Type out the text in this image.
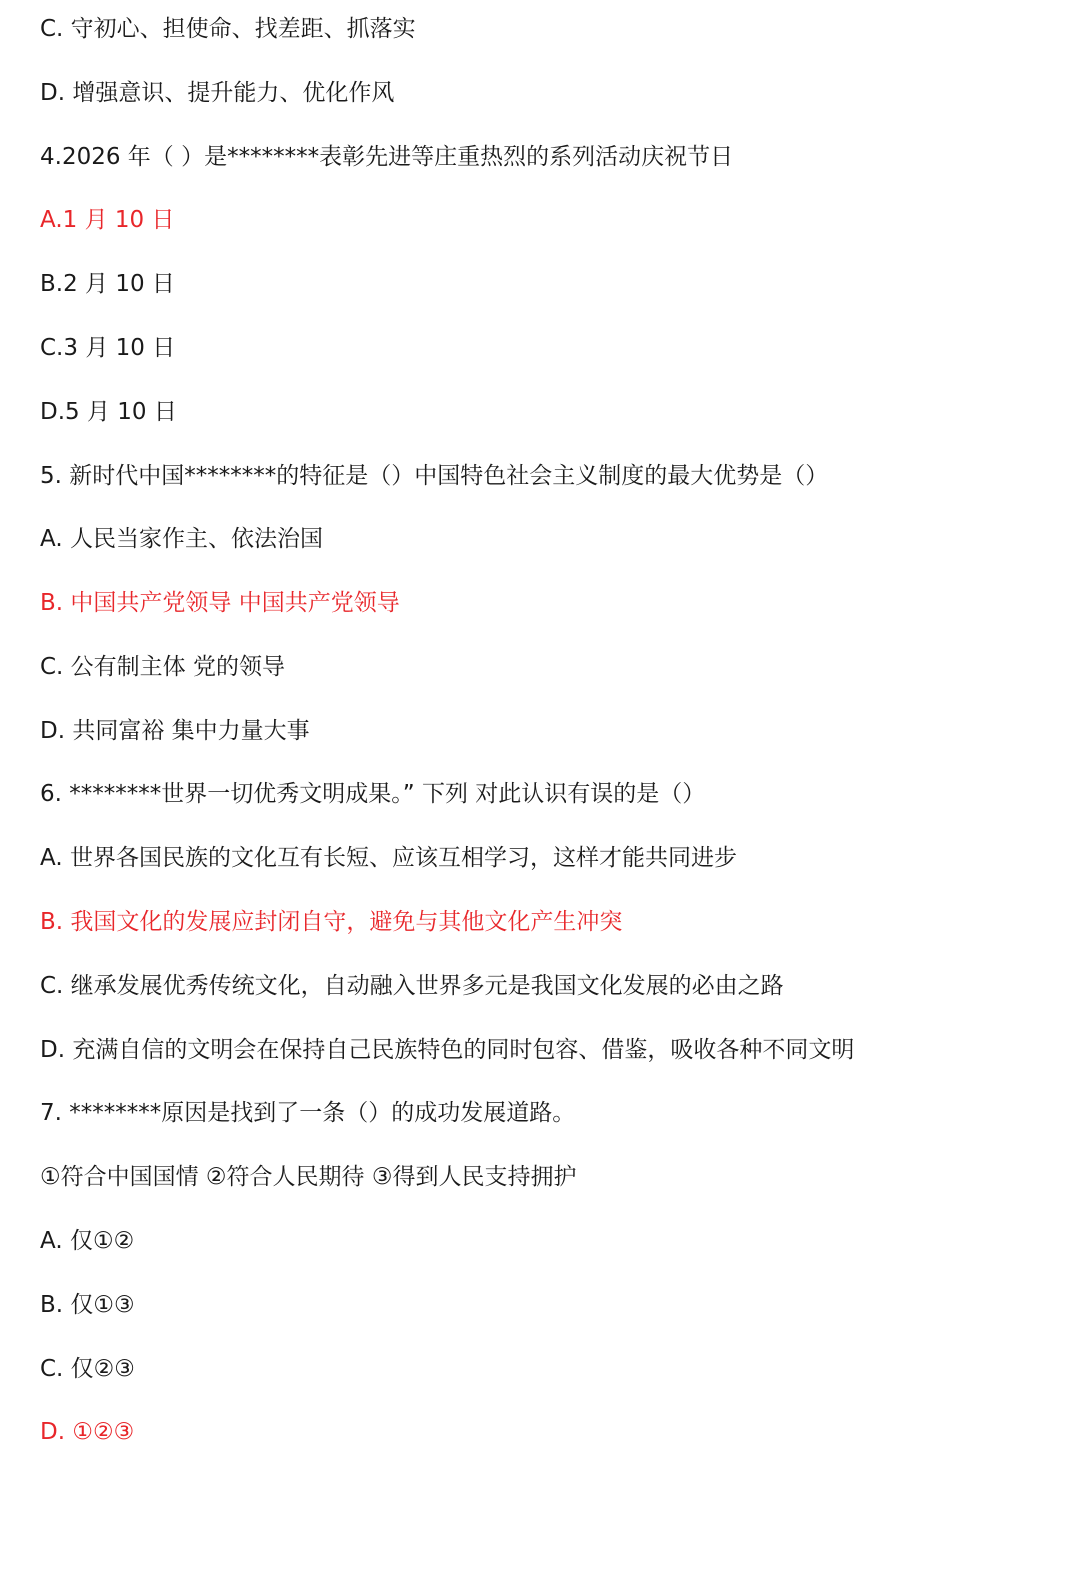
C. 守初心、担使命、找差距、抓落实
D. 增强意识、提升能力、优化作风
4.2026 年（ ）是********表彰先进等庄重热烈的系列活动庆祝节日
A.1 月 10 日
B.2 月 10 日
C.3 月 10 日
D.5 月 10 日
5. 新时代中国********的特征是（）中国特色社会主义制度的最大优势是（）
A. 人民当家作主、依法治国
B. 中国共产党领导 中国共产党领导
C. 公有制主体 党的领导
D. 共同富裕 集中力量大事
6. ********世界一切优秀文明成果。” 下列 对此认识有误的是（）
A. 世界各国民族的文化互有长短、应该互相学习，这样才能共同进步
B. 我国文化的发展应封闭自守，避免与其他文化产生冲突
C. 继承发展优秀传统文化，自动融入世界多元是我国文化发展的必由之路
D. 充满自信的文明会在保持自己民族特色的同时包容、借鉴，吸收各种不同文明
7. ********原因是找到了一条（）的成功发展道路。
①符合中国国情 ②符合人民期待 ③得到人民支持拥护
A. 仅①②
B. 仅①③
C. 仅②③
D. ①②③
